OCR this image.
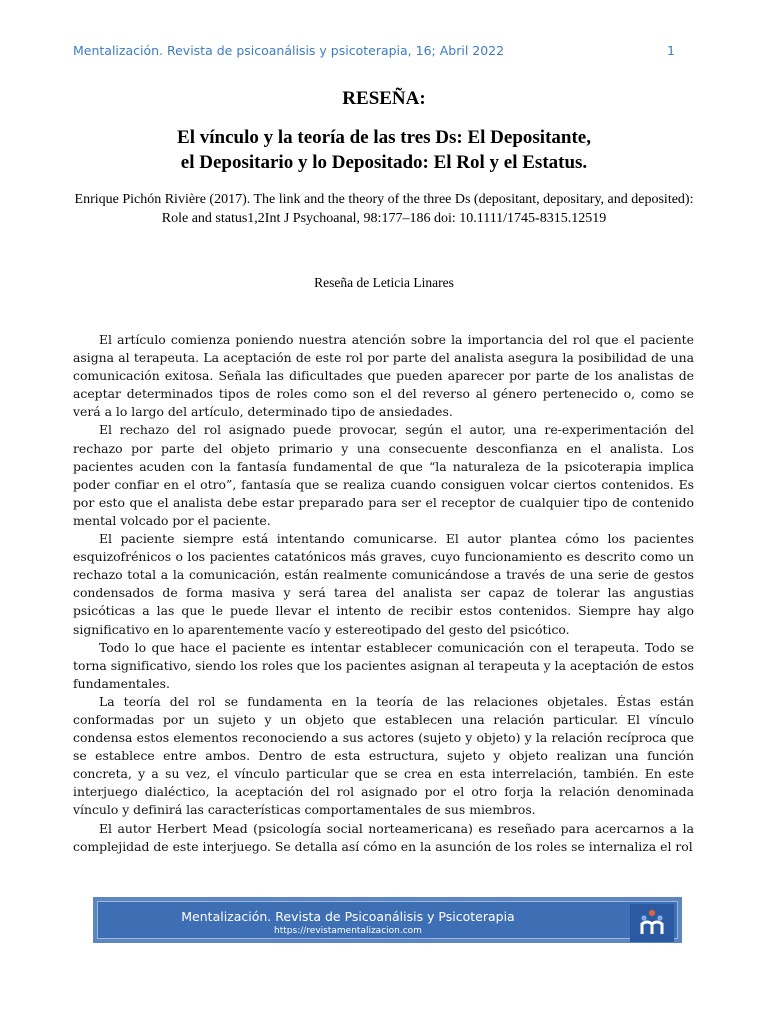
Mentalización. Revista de psicoanálisis y psicoterapia, 16; Abril 2022	1
RESEÑA:
El vínculo y la teoría de las tres Ds: El Depositante,
el Depositario y lo Depositado: El Rol y el Estatus.
Enrique Pichón Rivière (2017). The link and the theory of the three Ds (depositant, depositary, and deposited): Role and status1,2Int J Psychoanal, 98:177–186 doi: 10.1111/1745-8315.12519
Reseña de Leticia Linares

El artículo comienza poniendo nuestra atención sobre la importancia del rol que el paciente asigna al terapeuta. La aceptación de este rol por parte del analista asegura la posibilidad de una comunicación exitosa. Señala las dificultades que pueden aparecer por parte de los analistas de aceptar determinados tipos de roles como son el del reverso al género pertenecido o, como se verá a lo largo del artículo, determinado tipo de ansiedades.

El rechazo del rol asignado puede provocar, según el autor, una re-experimentación del rechazo por parte del objeto primario y una consecuente desconfianza en el analista. Los pacientes acuden con la fantasía fundamental de que “la naturaleza de la psicoterapia implica poder confiar en el otro”, fantasía que se realiza cuando consiguen volcar ciertos contenidos. Es por esto que el analista debe estar preparado para ser el receptor de cualquier tipo de contenido mental volcado por el paciente.

El paciente siempre está intentando comunicarse. El autor plantea cómo los pacientes esquizofrénicos o los pacientes catatónicos más graves, cuyo funcionamiento es descrito como un rechazo total a la comunicación, están realmente comunicándose a través de una serie de gestos condensados de forma masiva y será tarea del analista ser capaz de tolerar las angustias psicóticas a las que le puede llevar el intento de recibir estos contenidos. Siempre hay algo significativo en lo aparentemente vacío y estereotipado del gesto del psicótico.

Todo lo que hace el paciente es intentar establecer comunicación con el terapeuta. Todo se torna significativo, siendo los roles que los pacientes asignan al terapeuta y la aceptación de estos fundamentales.

La teoría del rol se fundamenta en la teoría de las relaciones objetales. Éstas están conformadas por un sujeto y un objeto que establecen una relación particular. El vínculo condensa estos elementos reconociendo a sus actores (sujeto y objeto) y la relación recíproca que se establece entre ambos. Dentro de esta estructura, sujeto y objeto realizan una función concreta, y a su vez, el vínculo particular que se crea en esta interrelación, también. En este interjuego dialéctico, la aceptación del rol asignado por el otro forja la relación denominada vínculo y definirá las características comportamentales de sus miembros.

El autor Herbert Mead (psicología social norteamericana) es reseñado para acercarnos a la complejidad de este interjuego. Se detalla así cómo en la asunción de los roles se internaliza el rol

Mentalización. Revista de Psicoanálisis y Psicoterapia
https://revistamentalizacion.com
